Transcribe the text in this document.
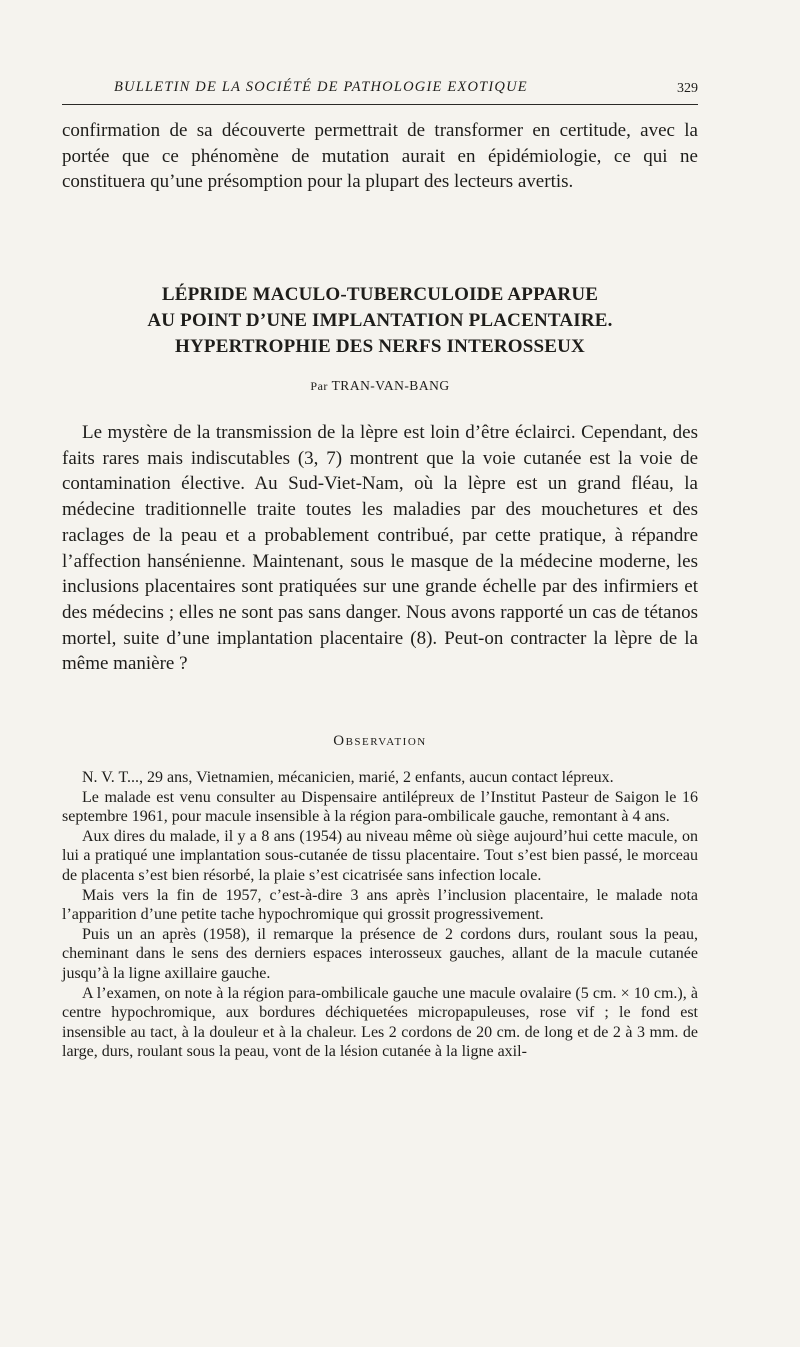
BULLETIN DE LA SOCIÉTÉ DE PATHOLOGIE EXOTIQUE	329

confirmation de sa découverte permettrait de transformer en certitude, avec la portée que ce phénomène de mutation aurait en épidémiologie, ce qui ne constituera qu’une présomption pour la plupart des lecteurs avertis.

LÉPRIDE MACULO-TUBERCULOIDE APPARUE

AU POINT D’UNE IMPLANTATION PLACENTAIRE.

HYPERTROPHIE DES NERFS INTEROSSEUX

Par TRAN-VAN-BANG

Le mystère de la transmission de la lèpre est loin d’être éclairci. Cependant, des faits rares mais indiscutables (3, 7) montrent que la voie cutanée est la voie de contamination élective. Au Sud-Viet-Nam, où la lèpre est un grand fléau, la médecine traditionnelle traite toutes les maladies par des mouchetures et des raclages de la peau et a probablement contribué, par cette pratique, à répandre l’affection hansénienne. Maintenant, sous le masque de la médecine moderne, les inclusions placentaires sont pratiquées sur une grande échelle par des infirmiers et des médecins ; elles ne sont pas sans danger. Nous avons rapporté un cas de tétanos mortel, suite d’une implantation placentaire (8). Peut-on contracter la lèpre de la même manière ?

Observation

N. V. T..., 29 ans, Vietnamien, mécanicien, marié, 2 enfants, aucun contact lépreux.

Le malade est venu consulter au Dispensaire antilépreux de l’Institut Pasteur de Saigon le 16 septembre 1961, pour macule insensible à la région para-ombilicale gauche, remontant à 4 ans.

Aux dires du malade, il y a 8 ans (1954) au niveau même où siège aujourd’hui cette macule, on lui a pratiqué une implantation sous-cutanée de tissu placentaire. Tout s’est bien passé, le morceau de placenta s’est bien résorbé, la plaie s’est cicatrisée sans infection locale.

Mais vers la fin de 1957, c’est-à-dire 3 ans après l’inclusion placentaire, le malade nota l’apparition d’une petite tache hypochromique qui grossit progressivement.

Puis un an après (1958), il remarque la présence de 2 cordons durs, roulant sous la peau, cheminant dans le sens des derniers espaces interosseux gauches, allant de la macule cutanée jusqu’à la ligne axillaire gauche.

A l’examen, on note à la région para-ombilicale gauche une macule ovalaire (5 cm. × 10 cm.), à centre hypochromique, aux bordures déchiquetées micropapuleuses, rose vif ; le fond est insensible au tact, à la douleur et à la chaleur. Les 2 cordons de 20 cm. de long et de 2 à 3 mm. de large, durs, roulant sous la peau, vont de la lésion cutanée à la ligne axil-
